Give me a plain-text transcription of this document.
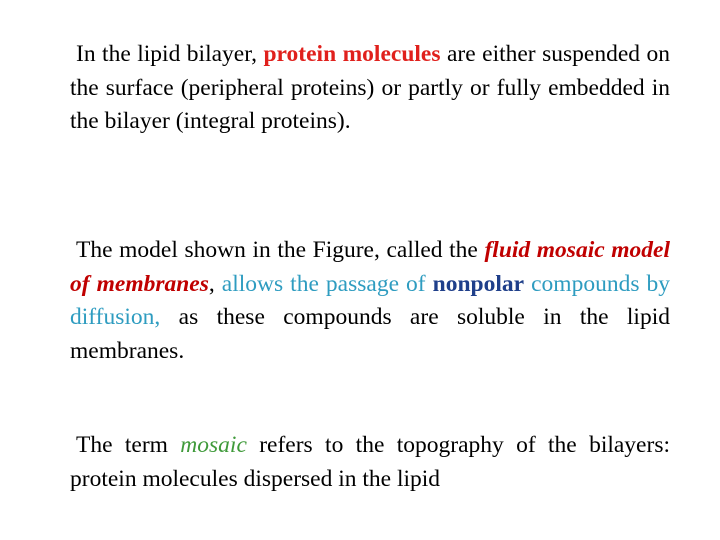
In the lipid bilayer, protein molecules are either suspended on the surface (peripheral proteins) or partly or fully embedded in the bilayer (integral proteins).

The model shown in the Figure, called the fluid mosaic model of membranes, allows the passage of nonpolar compounds by diffusion, as these compounds are soluble in the lipid membranes.

The term mosaic refers to the topography of the bilayers: protein molecules dispersed in the lipid
